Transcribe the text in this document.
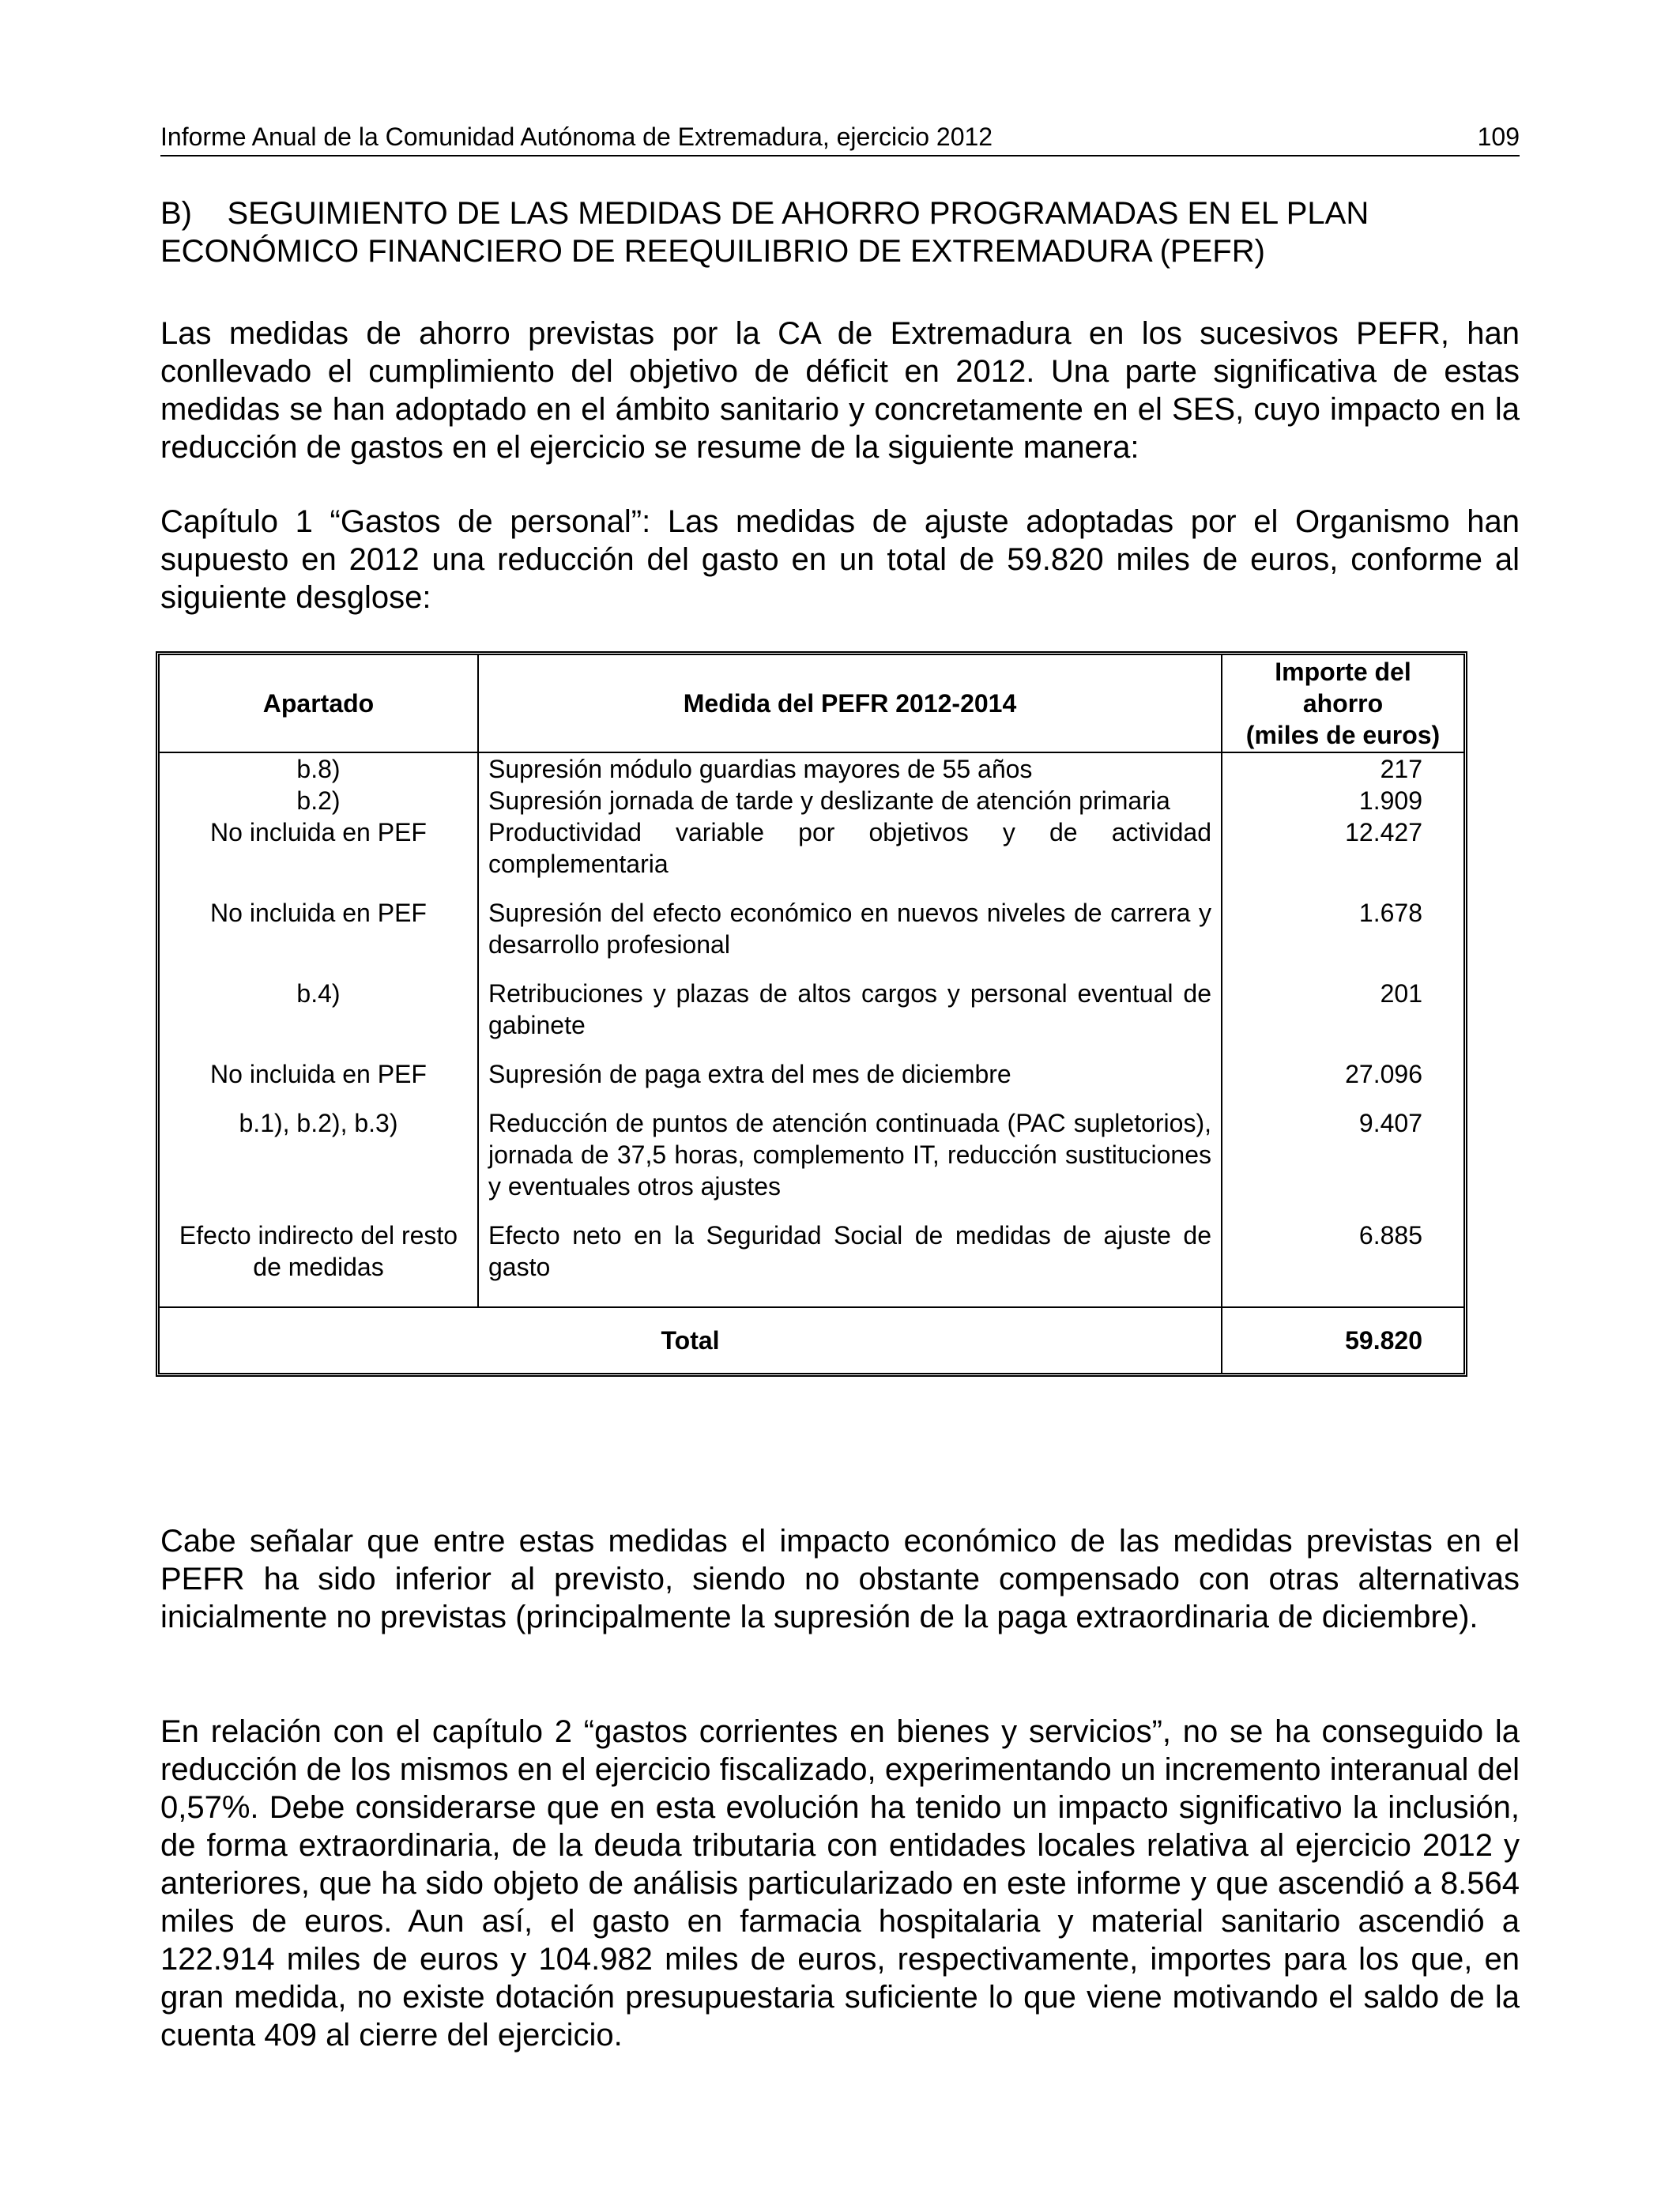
Informe Anual de la Comunidad Autónoma de Extremadura, ejercicio 2012	109
B)    SEGUIMIENTO DE LAS MEDIDAS DE AHORRO PROGRAMADAS EN EL PLAN
ECONÓMICO FINANCIERO DE REEQUILIBRIO DE EXTREMADURA (PEFR)
Las medidas de ahorro previstas por la CA de Extremadura en los sucesivos PEFR, han conllevado el cumplimiento del objetivo de déficit en 2012. Una parte significativa de estas medidas se han adoptado en el ámbito sanitario y concretamente en el SES, cuyo impacto en la reducción de gastos en el ejercicio se resume de la siguiente manera:
Capítulo 1 “Gastos de personal”: Las medidas de ajuste adoptadas por el Organismo han supuesto en 2012 una reducción del gasto en un total de 59.820 miles de euros, conforme al siguiente desglose:
Apartado	Medida del PEFR 2012-2014	Importe del
ahorro
(miles de euros)
b.8)	Supresión módulo guardias mayores de 55 años	217
b.2)	Supresión jornada de tarde y deslizante de atención primaria	1.909
No incluida en PEF	Productividad variable por objetivos y de actividad complementaria	12.427
No incluida en PEF	Supresión del efecto económico en nuevos niveles de carrera y desarrollo profesional	1.678
b.4)	Retribuciones y plazas de altos cargos y personal eventual de gabinete	201
No incluida en PEF	Supresión de paga extra del mes de diciembre	27.096
b.1), b.2), b.3)	Reducción de puntos de atención continuada (PAC supletorios), jornada de 37,5 horas, complemento IT, reducción sustituciones y eventuales otros ajustes	9.407
Efecto indirecto del resto de medidas	Efecto neto en la Seguridad Social de medidas de ajuste de gasto	6.885
Total		59.820
Cabe señalar que entre estas medidas el impacto económico de las medidas previstas en el PEFR ha sido inferior al previsto, siendo no obstante compensado con otras alternativas inicialmente no previstas (principalmente la supresión de la paga extraordinaria de diciembre).
En relación con el capítulo 2 “gastos corrientes en bienes y servicios”, no se ha conseguido la reducción de los mismos en el ejercicio fiscalizado, experimentando un incremento interanual del 0,57%. Debe considerarse que en esta evolución ha tenido un impacto significativo la inclusión, de forma extraordinaria, de la deuda tributaria con entidades locales relativa al ejercicio 2012 y anteriores, que ha sido objeto de análisis particularizado en este informe y que ascendió a 8.564 miles de euros. Aun así, el gasto en farmacia hospitalaria y material sanitario ascendió a 122.914 miles de euros y 104.982 miles de euros, respectivamente, importes para los que, en gran medida, no existe dotación presupuestaria suficiente lo que viene motivando el saldo de la cuenta 409 al cierre del ejercicio.
